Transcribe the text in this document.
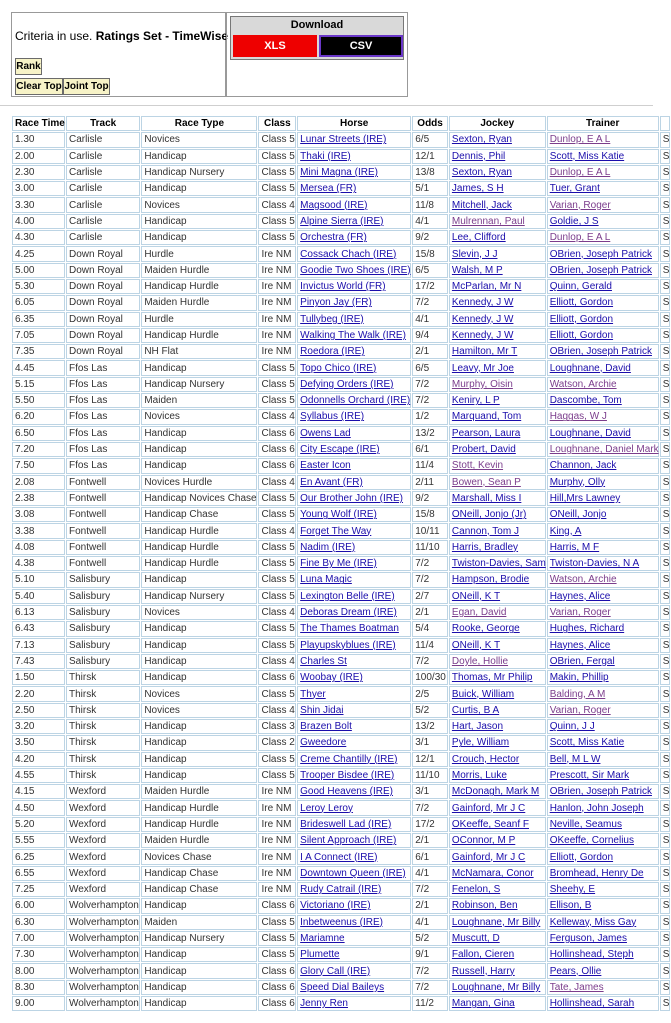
Criteria in use. Ratings Set - TimeWise
Rank
Clear Top Joint Top
Download
XLS	CSV
Race Time	Track	Race Type	Class	Horse	Odds	Jockey	Trainer	
1.30	Carlisle	Novices	Class 5	Lunar Streets (IRE)	6/5	Sexton, Ryan	Dunlop, E A L	S
2.00	Carlisle	Handicap	Class 5	Thaki (IRE)	12/1	Dennis, Phil	Scott, Miss Katie	S
2.30	Carlisle	Handicap Nursery	Class 5	Mini Magna (IRE)	13/8	Sexton, Ryan	Dunlop, E A L	S
3.00	Carlisle	Handicap	Class 5	Mersea (FR)	5/1	James, S H	Tuer, Grant	S
3.30	Carlisle	Novices	Class 4	Magsood (IRE)	11/8	Mitchell, Jack	Varian, Roger	S
4.00	Carlisle	Handicap	Class 5	Alpine Sierra (IRE)	4/1	Mulrennan, Paul	Goldie, J S	S
4.30	Carlisle	Handicap	Class 5	Orchestra (FR)	9/2	Lee, Clifford	Dunlop, E A L	S
4.25	Down Royal	Hurdle	Ire NM	Cossack Chach (IRE)	15/8	Slevin, J J	OBrien, Joseph Patrick	S
5.00	Down Royal	Maiden Hurdle	Ire NM	Goodie Two Shoes (IRE)	6/5	Walsh, M P	OBrien, Joseph Patrick	S
5.30	Down Royal	Handicap Hurdle	Ire NM	Invictus World (FR)	17/2	McParlan, Mr N	Quinn, Gerald	S
6.05	Down Royal	Maiden Hurdle	Ire NM	Pinyon Jay (FR)	7/2	Kennedy, J W	Elliott, Gordon	S
6.35	Down Royal	Hurdle	Ire NM	Tullybeg (IRE)	4/1	Kennedy, J W	Elliott, Gordon	S
7.05	Down Royal	Handicap Hurdle	Ire NM	Walking The Walk (IRE)	9/4	Kennedy, J W	Elliott, Gordon	S
7.35	Down Royal	NH Flat	Ire NM	Roedora (IRE)	2/1	Hamilton, Mr T	OBrien, Joseph Patrick	S
4.45	Ffos Las	Handicap	Class 5	Topo Chico (IRE)	6/5	Leavy, Mr Joe	Loughnane, David	S
5.15	Ffos Las	Handicap Nursery	Class 5	Defying Orders (IRE)	7/2	Murphy, Oisin	Watson, Archie	S
5.50	Ffos Las	Maiden	Class 5	Odonnells Orchard (IRE)	7/2	Keniry, L P	Dascombe, Tom	S
6.20	Ffos Las	Novices	Class 4	Syllabus (IRE)	1/2	Marquand, Tom	Haggas, W J	S
6.50	Ffos Las	Handicap	Class 6	Owens Lad	13/2	Pearson, Laura	Loughnane, David	S
7.20	Ffos Las	Handicap	Class 6	City Escape (IRE)	6/1	Probert, David	Loughnane, Daniel Mark	S
7.50	Ffos Las	Handicap	Class 6	Easter Icon	11/4	Stott, Kevin	Channon, Jack	S
2.08	Fontwell	Novices Hurdle	Class 4	En Avant (FR)	2/11	Bowen, Sean P	Murphy, Olly	S
2.38	Fontwell	Handicap Novices Chase	Class 5	Our Brother John (IRE)	9/2	Marshall, Miss I	Hill,Mrs Lawney	S
3.08	Fontwell	Handicap Chase	Class 5	Young Wolf (IRE)	15/8	ONeill, Jonjo (Jr)	ONeill, Jonjo	S
3.38	Fontwell	Handicap Hurdle	Class 4	Forget The Way	10/11	Cannon, Tom J	King, A	S
4.08	Fontwell	Handicap Hurdle	Class 5	Nadim (IRE)	11/10	Harris, Bradley	Harris, M F	S
4.38	Fontwell	Handicap Hurdle	Class 5	Fine By Me (IRE)	7/2	Twiston-Davies, Sam	Twiston-Davies, N A	S
5.10	Salisbury	Handicap	Class 5	Luna Magic	7/2	Hampson, Brodie	Watson, Archie	S
5.40	Salisbury	Handicap Nursery	Class 5	Lexington Belle (IRE)	2/7	ONeill, K T	Haynes, Alice	S
6.13	Salisbury	Novices	Class 4	Deboras Dream (IRE)	2/1	Egan, David	Varian, Roger	S
6.43	Salisbury	Handicap	Class 5	The Thames Boatman	5/4	Rooke, George	Hughes, Richard	S
7.13	Salisbury	Handicap	Class 5	Playupskyblues (IRE)	11/4	ONeill, K T	Haynes, Alice	S
7.43	Salisbury	Handicap	Class 4	Charles St	7/2	Doyle, Hollie	OBrien, Fergal	S
1.50	Thirsk	Handicap	Class 6	Woobay (IRE)	100/30	Thomas, Mr Philip	Makin, Phillip	S
2.20	Thirsk	Novices	Class 5	Thyer	2/5	Buick, William	Balding, A M	S
2.50	Thirsk	Novices	Class 4	Shin Jidai	5/2	Curtis, B A	Varian, Roger	S
3.20	Thirsk	Handicap	Class 3	Brazen Bolt	13/2	Hart, Jason	Quinn, J J	S
3.50	Thirsk	Handicap	Class 2	Gweedore	3/1	Pyle, William	Scott, Miss Katie	S
4.20	Thirsk	Handicap	Class 5	Creme Chantilly (IRE)	12/1	Crouch, Hector	Bell, M L W	S
4.55	Thirsk	Handicap	Class 5	Trooper Bisdee (IRE)	11/10	Morris, Luke	Prescott, Sir Mark	S
4.15	Wexford	Maiden Hurdle	Ire NM	Good Heavens (IRE)	3/1	McDonagh, Mark M	OBrien, Joseph Patrick	S
4.50	Wexford	Handicap Hurdle	Ire NM	Leroy Leroy	7/2	Gainford, Mr J C	Hanlon, John Joseph	S
5.20	Wexford	Handicap Hurdle	Ire NM	Brideswell Lad (IRE)	17/2	OKeeffe, Seanf F	Neville, Seamus	S
5.55	Wexford	Maiden Hurdle	Ire NM	Silent Approach (IRE)	2/1	OConnor, M P	OKeeffe, Cornelius	S
6.25	Wexford	Novices Chase	Ire NM	I A Connect (IRE)	6/1	Gainford, Mr J C	Elliott, Gordon	S
6.55	Wexford	Handicap Chase	Ire NM	Downtown Queen (IRE)	4/1	McNamara, Conor	Bromhead, Henry De	S
7.25	Wexford	Handicap Chase	Ire NM	Rudy Catrail (IRE)	7/2	Fenelon, S	Sheehy, E	S
6.00	Wolverhampton	Handicap	Class 6	Victoriano (IRE)	2/1	Robinson, Ben	Ellison, B	S
6.30	Wolverhampton	Maiden	Class 5	Inbetweenus (IRE)	4/1	Loughnane, Mr Billy	Kelleway, Miss Gay	S
7.00	Wolverhampton	Handicap Nursery	Class 5	Mariamne	5/2	Muscutt, D	Ferguson, James	S
7.30	Wolverhampton	Handicap	Class 5	Plumette	9/1	Fallon, Cieren	Hollinshead, Steph	S
8.00	Wolverhampton	Handicap	Class 6	Glory Call (IRE)	7/2	Russell, Harry	Pears, Ollie	S
8.30	Wolverhampton	Handicap	Class 6	Speed Dial Baileys	7/2	Loughnane, Mr Billy	Tate, James	S
9.00	Wolverhampton	Handicap	Class 6	Jenny Ren	11/2	Mangan, Gina	Hollinshead, Sarah	S
